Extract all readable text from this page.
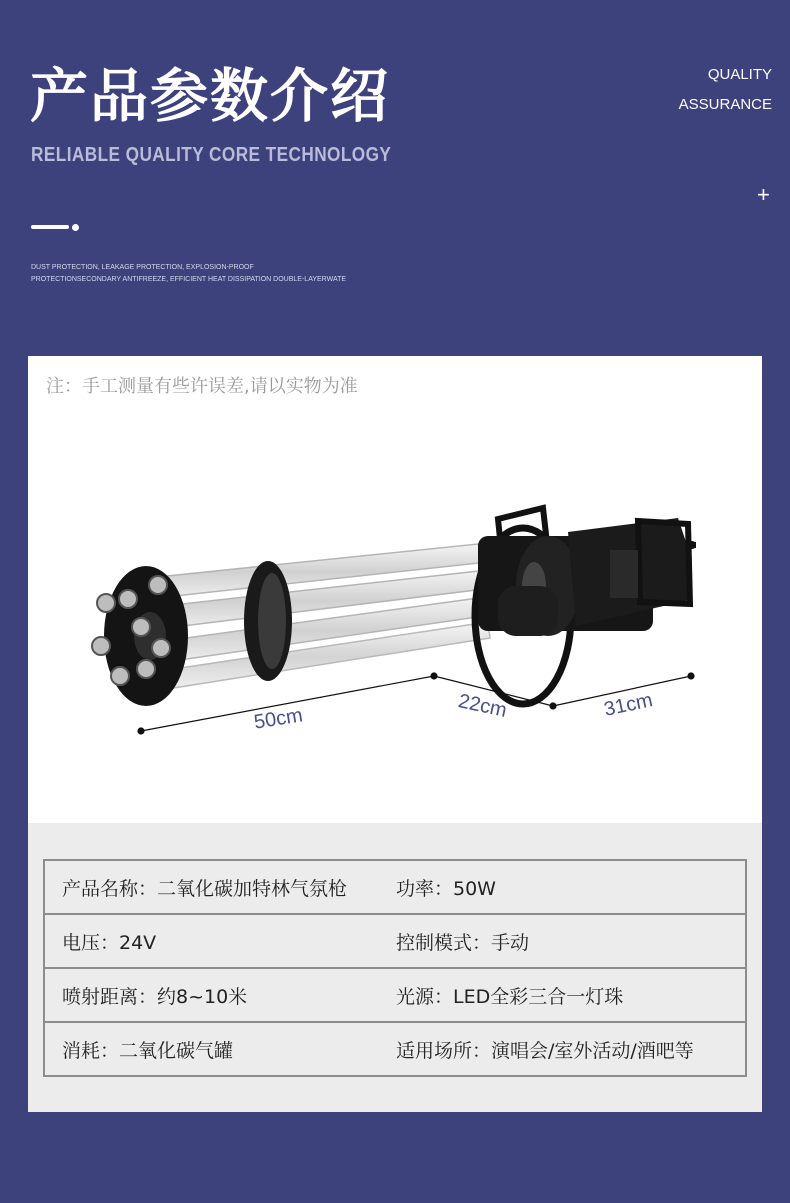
产品参数介绍	QUALITY
ASSURANCE
RELIABLE QUALITY CORE TECHNOLOGY
+
DUST PROTECTION, LEAKAGE PROTECTION, EXPLOSION-PROOF
PROTECTIONSECONDARY ANTIFREEZE, EFFICIENT HEAT DISSIPATION DOUBLE-LAYERWATE
注：手工测量有些许误差,请以实物为准
50cm	22cm	31cm
产品名称：二氧化碳加特林气氛枪	功率：50W
电压：24V	控制模式：手动
喷射距离：约8~10米	光源：LED全彩三合一灯珠
消耗：二氧化碳气罐	适用场所：演唱会/室外活动/酒吧等
